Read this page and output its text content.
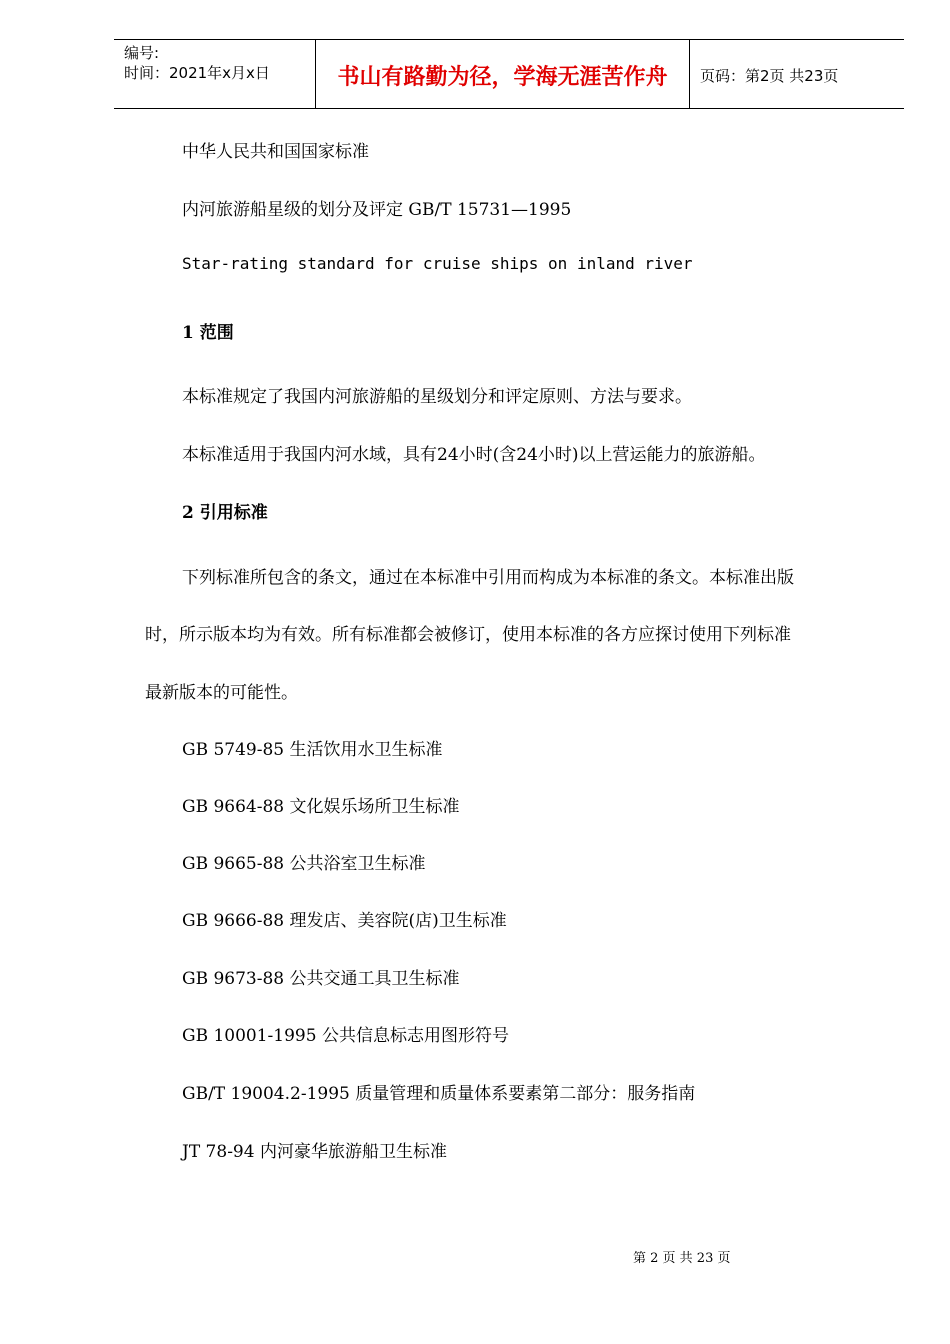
编号:
时间：2021年x月x日	书山有路勤为径，学海无涯苦作舟	页码：第2页 共23页
中华人民共和国国家标准
内河旅游船星级的划分及评定 GB/T 15731—1995
Star-rating standard for cruise ships on inland river
1 范围
本标准规定了我国内河旅游船的星级划分和评定原则、方法与要求。
本标准适用于我国内河水域，具有24小时(含24小时)以上营运能力的旅游船。
2 引用标准
下列标准所包含的条文，通过在本标准中引用而构成为本标准的条文。本标准出版
时，所示版本均为有效。所有标准都会被修订，使用本标准的各方应探讨使用下列标准
最新版本的可能性。
GB 5749-85 生活饮用水卫生标准
GB 9664-88 文化娱乐场所卫生标准
GB 9665-88 公共浴室卫生标准
GB 9666-88 理发店、美容院(店)卫生标准
GB 9673-88 公共交通工具卫生标准
GB 10001-1995 公共信息标志用图形符号
GB/T 19004.2-1995 质量管理和质量体系要素第二部分：服务指南
JT 78-94 内河豪华旅游船卫生标准
第 2 页 共 23 页
